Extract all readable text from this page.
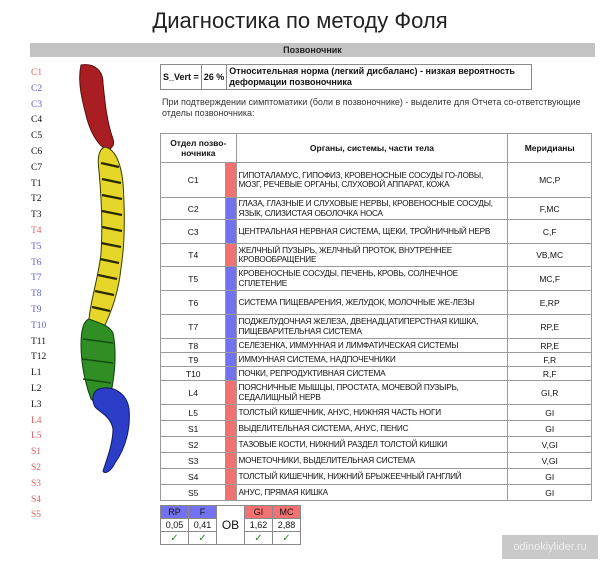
Диагностика по методу Фоля
Позвоночник
C1
C2
C3
C4
C5
C6
C7
T1
T2
T3
T4
T5
T6
T7
T8
T9
T10
T11
T12
L1
L2
L3
L4
L5
S1
S2
S3
S4
S5
S_Vert =	26 %	Относительная норма (легкий дисбаланс) - низкая вероятность деформации позвоночника
При подтверждении симптоматики (боли в позвоночнике) - выделите для Отчета со-ответствующие отделы позвоночника:
Отдел позво-ночника		Органы, системы, части тела	Меридианы
C1		ГИПОТАЛАМУС, ГИПОФИЗ, КРОВЕНОСНЫЕ СОСУДЫ ГО-ЛОВЫ, МОЗГ, РЕЧЕВЫЕ ОРГАНЫ, СЛУХОВОЙ АППАРАТ, КОЖА	MC,P
C2		ГЛАЗА, ГЛАЗНЫЕ И СЛУХОВЫЕ НЕРВЫ, КРОВЕНОСНЫЕ СОСУДЫ, ЯЗЫК, СЛИЗИСТАЯ ОБОЛОЧКА НОСА	F,MC
C3		ЦЕНТРАЛЬНАЯ НЕРВНАЯ СИСТЕМА, ЩЕКИ, ТРОЙНИЧНЫЙ НЕРВ	C,F
T4		ЖЕЛЧНЫЙ ПУЗЫРЬ, ЖЕЛЧНЫЙ ПРОТОК, ВНУТРЕННЕЕ КРОВООБРАЩЕНИЕ	VB,MC
T5		КРОВЕНОСНЫЕ СОСУДЫ, ПЕЧЕНЬ, КРОВЬ, СОЛНЕЧНОЕ СПЛЕТЕНИЕ	MC,F
T6		СИСТЕМА ПИЩЕВАРЕНИЯ, ЖЕЛУДОК, МОЛОЧНЫЕ ЖЕ-ЛЕЗЫ	E,RP
T7		ПОДЖЕЛУДОЧНАЯ ЖЕЛЕЗА, ДВЕНАДЦАТИПЕРСТНАЯ КИШКА, ПИЩЕВАРИТЕЛЬНАЯ СИСТЕМА	RP,E
T8		СЕЛЕЗЕНКА, ИММУННАЯ И ЛИМФАТИЧЕСКАЯ СИСТЕМЫ	RP,E
T9		ИММУННАЯ СИСТЕМА, НАДПОЧЕЧНИКИ	F,R
T10		ПОЧКИ, РЕПРОДУКТИВНАЯ СИСТЕМА	R,F
L4		ПОЯСНИЧНЫЕ МЫШЦЫ, ПРОСТАТА, МОЧЕВОЙ ПУЗЫРЬ, СЕДАЛИЩНЫЙ НЕРВ	GI,R
L5		ТОЛСТЫЙ КИШЕЧНИК, АНУС, НИЖНЯЯ ЧАСТЬ НОГИ	GI
S1		ВЫДЕЛИТЕЛЬНАЯ СИСТЕМА, АНУС, ПЕНИС	GI
S2		ТАЗОВЫЕ КОСТИ, НИЖНИЙ РАЗДЕЛ ТОЛСТОЙ КИШКИ	V,GI
S3		МОЧЕТОЧНИКИ, ВЫДЕЛИТЕЛЬНАЯ СИСТЕМА	V,GI
S4		ТОЛСТЫЙ КИШЕЧНИК, НИЖНИЙ БРЫЖЕЕЧНЫЙ ГАНГЛИЙ	GI
S5		АНУС, ПРЯМАЯ КИШКА	GI
RP	F	OB	GI	MC
0,05	0,41		1,62	2,88
✓	✓		✓	✓
odinokiylider.ru
